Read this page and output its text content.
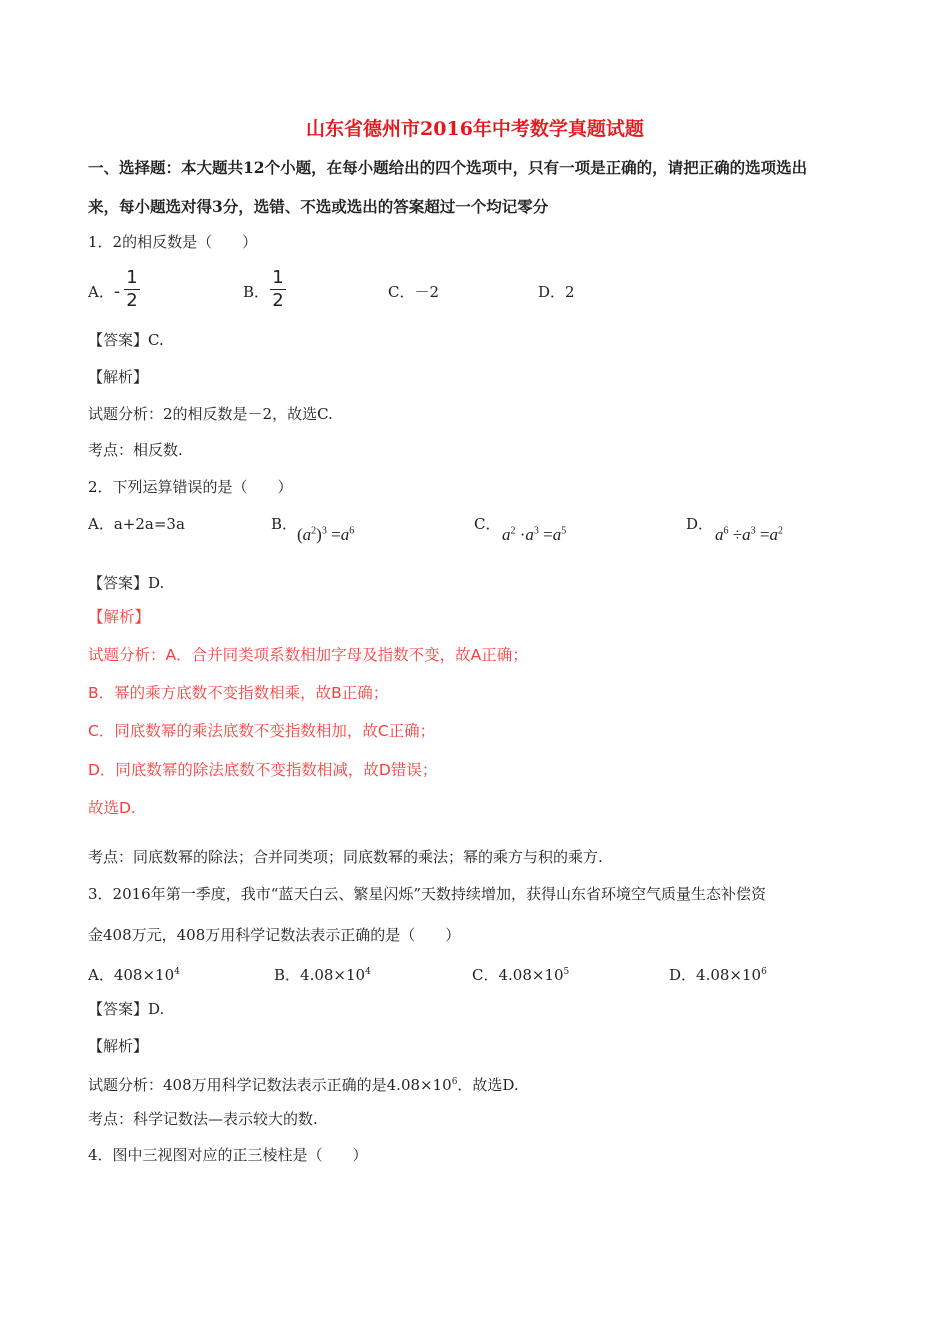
山东省德州市2016年中考数学真题试题
一、选择题：本大题共12个小题，在每小题给出的四个选项中，只有一项是正确的，请把正确的选项选出
来，每小题选对得3分，选错、不选或选出的答案超过一个均记零分
1．2的相反数是（　　）
A． -
1
2	B．
1
2	C．－2	D．2
【答案】C.
【解析】
试题分析：2的相反数是－2，故选C.
考点：相反数.
2．下列运算错误的是（　　）
A．a+2a=3a	B．
$(a^2)^3 =a^6$	C．
$a^2 \cdot a^3 =a^5$	D．
$a^6 \div a^3 =a^2$
【答案】D.
【解析】
试题分析：A．合并同类项系数相加字母及指数不变，故A正确；
B．幂的乘方底数不变指数相乘，故B正确；
C．同底数幂的乘法底数不变指数相加，故C正确；
D．同底数幂的除法底数不变指数相减，故D错误；
故选D.
考点：同底数幂的除法；合并同类项；同底数幂的乘法；幂的乘方与积的乘方.
3．2016年第一季度，我市“蓝天白云、繁星闪烁”天数持续增加，获得山东省环境空气质量生态补偿资
金408万元，408万用科学记数法表示正确的是（　　）
A．$408\times 10^4$	B．$4.08\times 10^4$	C．$4.08\times 10^5$	D．$4.08\times 10^6$
【答案】D.
【解析】
试题分析：408万用科学记数法表示正确的是$4.08\times 10^6$．故选D.
考点：科学记数法—表示较大的数.
4．图中三视图对应的正三棱柱是（　　）
